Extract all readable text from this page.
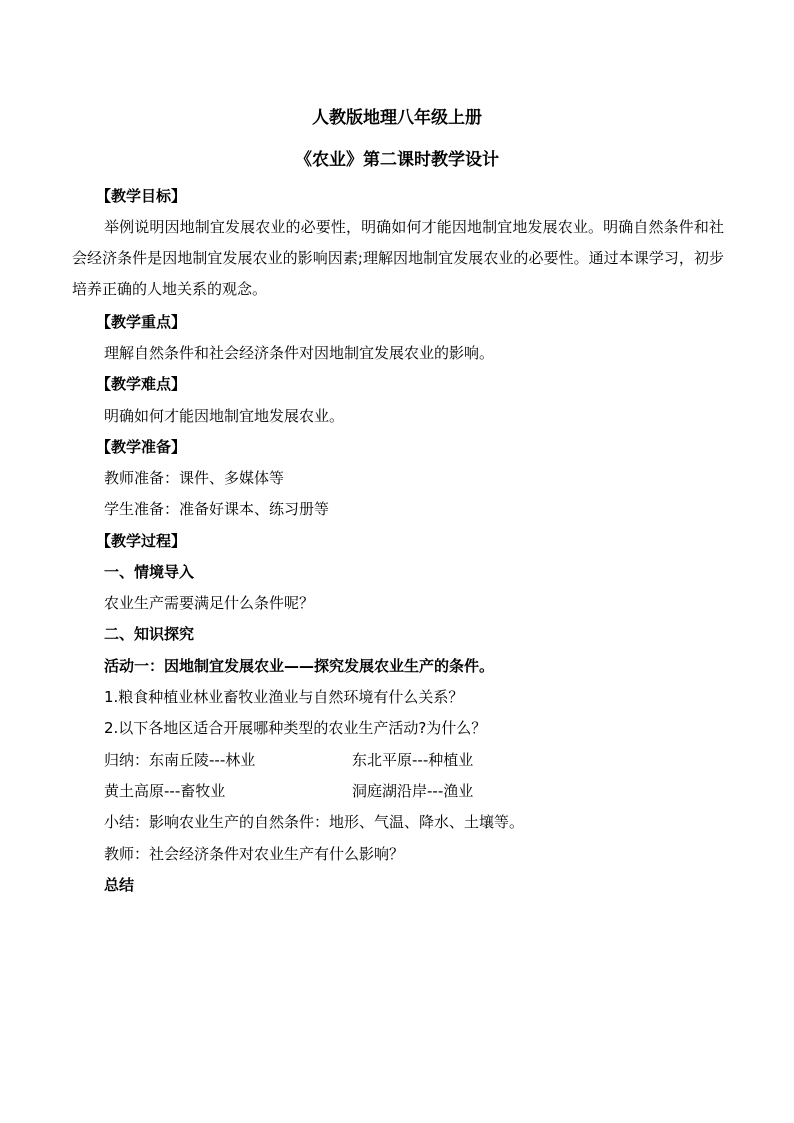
人教版地理八年级上册
《农业》第二课时教学设计
【教学目标】
举例说明因地制宜发展农业的必要性，明确如何才能因地制宜地发展农业。明确自然条件和社会经济条件是因地制宜发展农业的影响因素;理解因地制宜发展农业的必要性。通过本课学习，初步培养正确的人地关系的观念。
【教学重点】
理解自然条件和社会经济条件对因地制宜发展农业的影响。
【教学难点】
明确如何才能因地制宜地发展农业。
【教学准备】
教师准备：课件、多媒体等
学生准备：准备好课本、练习册等
【教学过程】
一、情境导入
农业生产需要满足什么条件呢？
二、知识探究
活动一：因地制宜发展农业——探究发展农业生产的条件。
1.粮食种植业林业畜牧业渔业与自然环境有什么关系？
2.以下各地区适合开展哪种类型的农业生产活动?为什么？
归纳：东南丘陵---林业	东北平原---种植业
黄土高原---畜牧业	洞庭湖沿岸---渔业
小结：影响农业生产的自然条件：地形、气温、降水、土壤等。
教师：社会经济条件对农业生产有什么影响？
总结
